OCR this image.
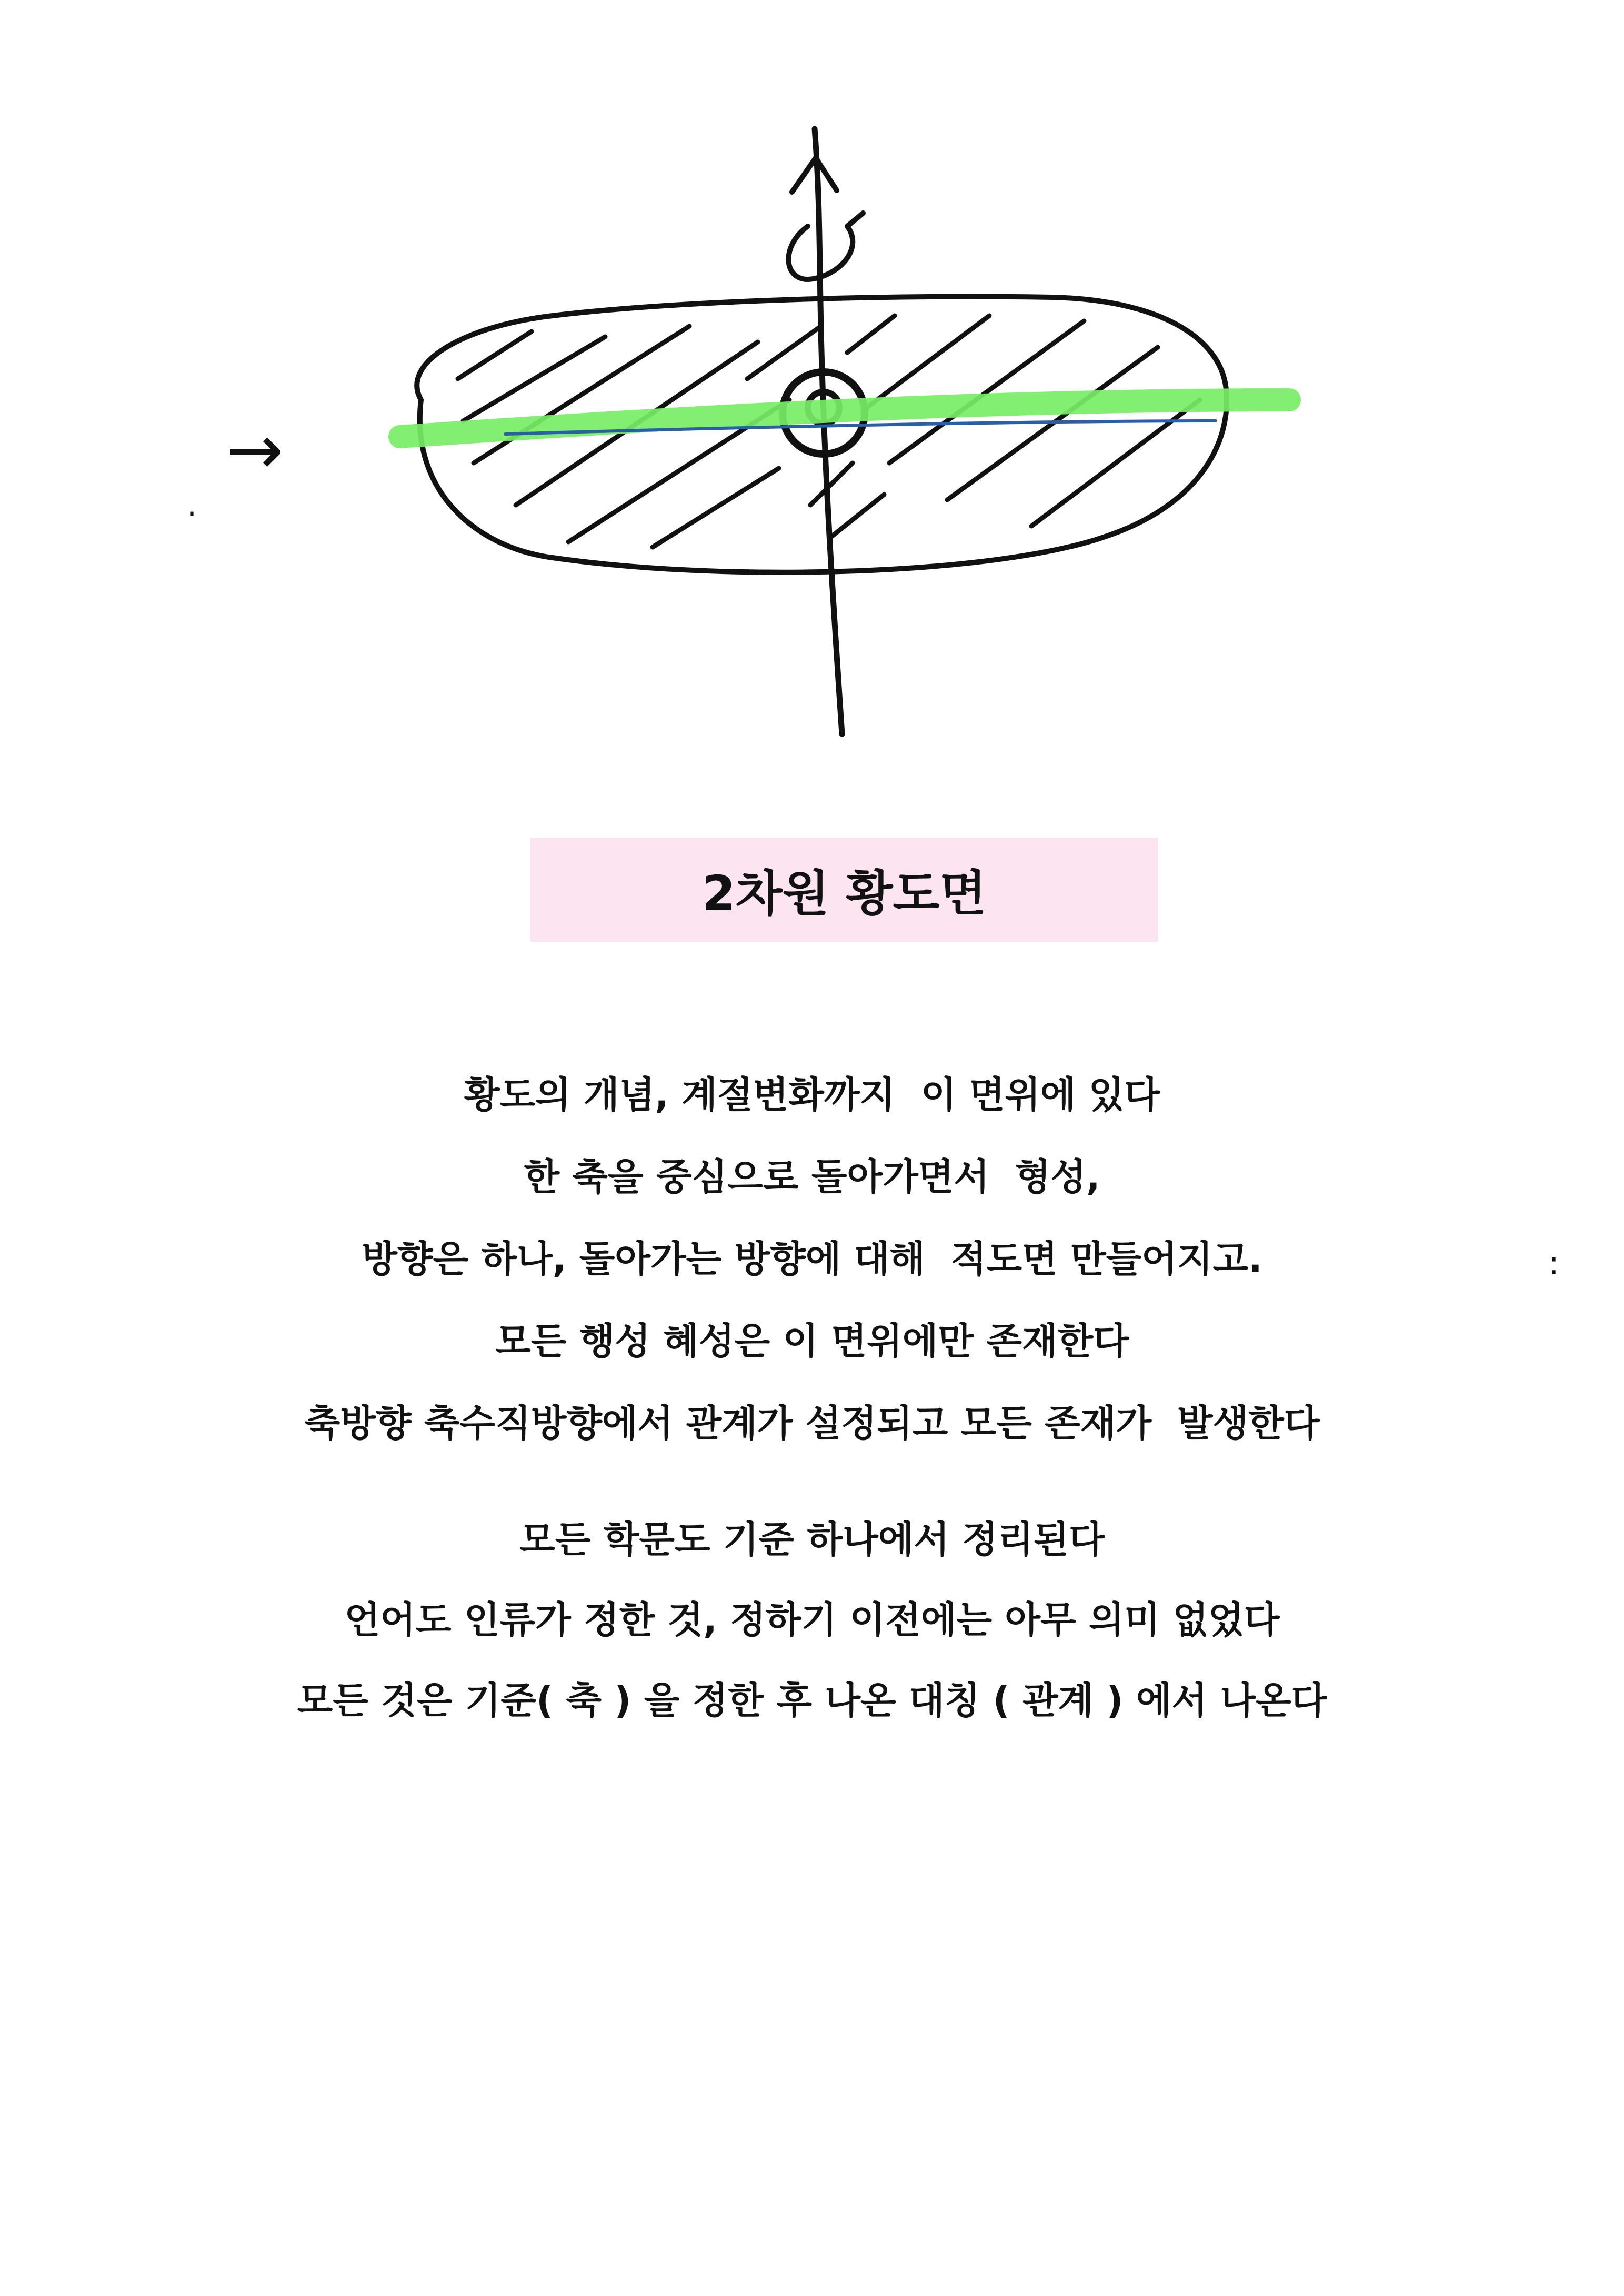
→
.
:
2차원 황도면
황도의 개념, 계절변화까지  이 면위에 있다
한 축을 중심으로 돌아가면서  형성,
방향은 하나, 돌아가는 방향에 대해  적도면 만들어지고.
모든 행성 혜성은 이 면위에만 존재한다
축방향 축수직방향에서 관계가 설정되고 모든 존재가  발생한다
모든 학문도 기준 하나에서 정리된다
언어도 인류가 정한 것, 정하기 이전에는 아무 의미 없었다
모든 것은 기준( 축 ) 을 정한 후 나온 대칭 ( 관계 ) 에서 나온다
